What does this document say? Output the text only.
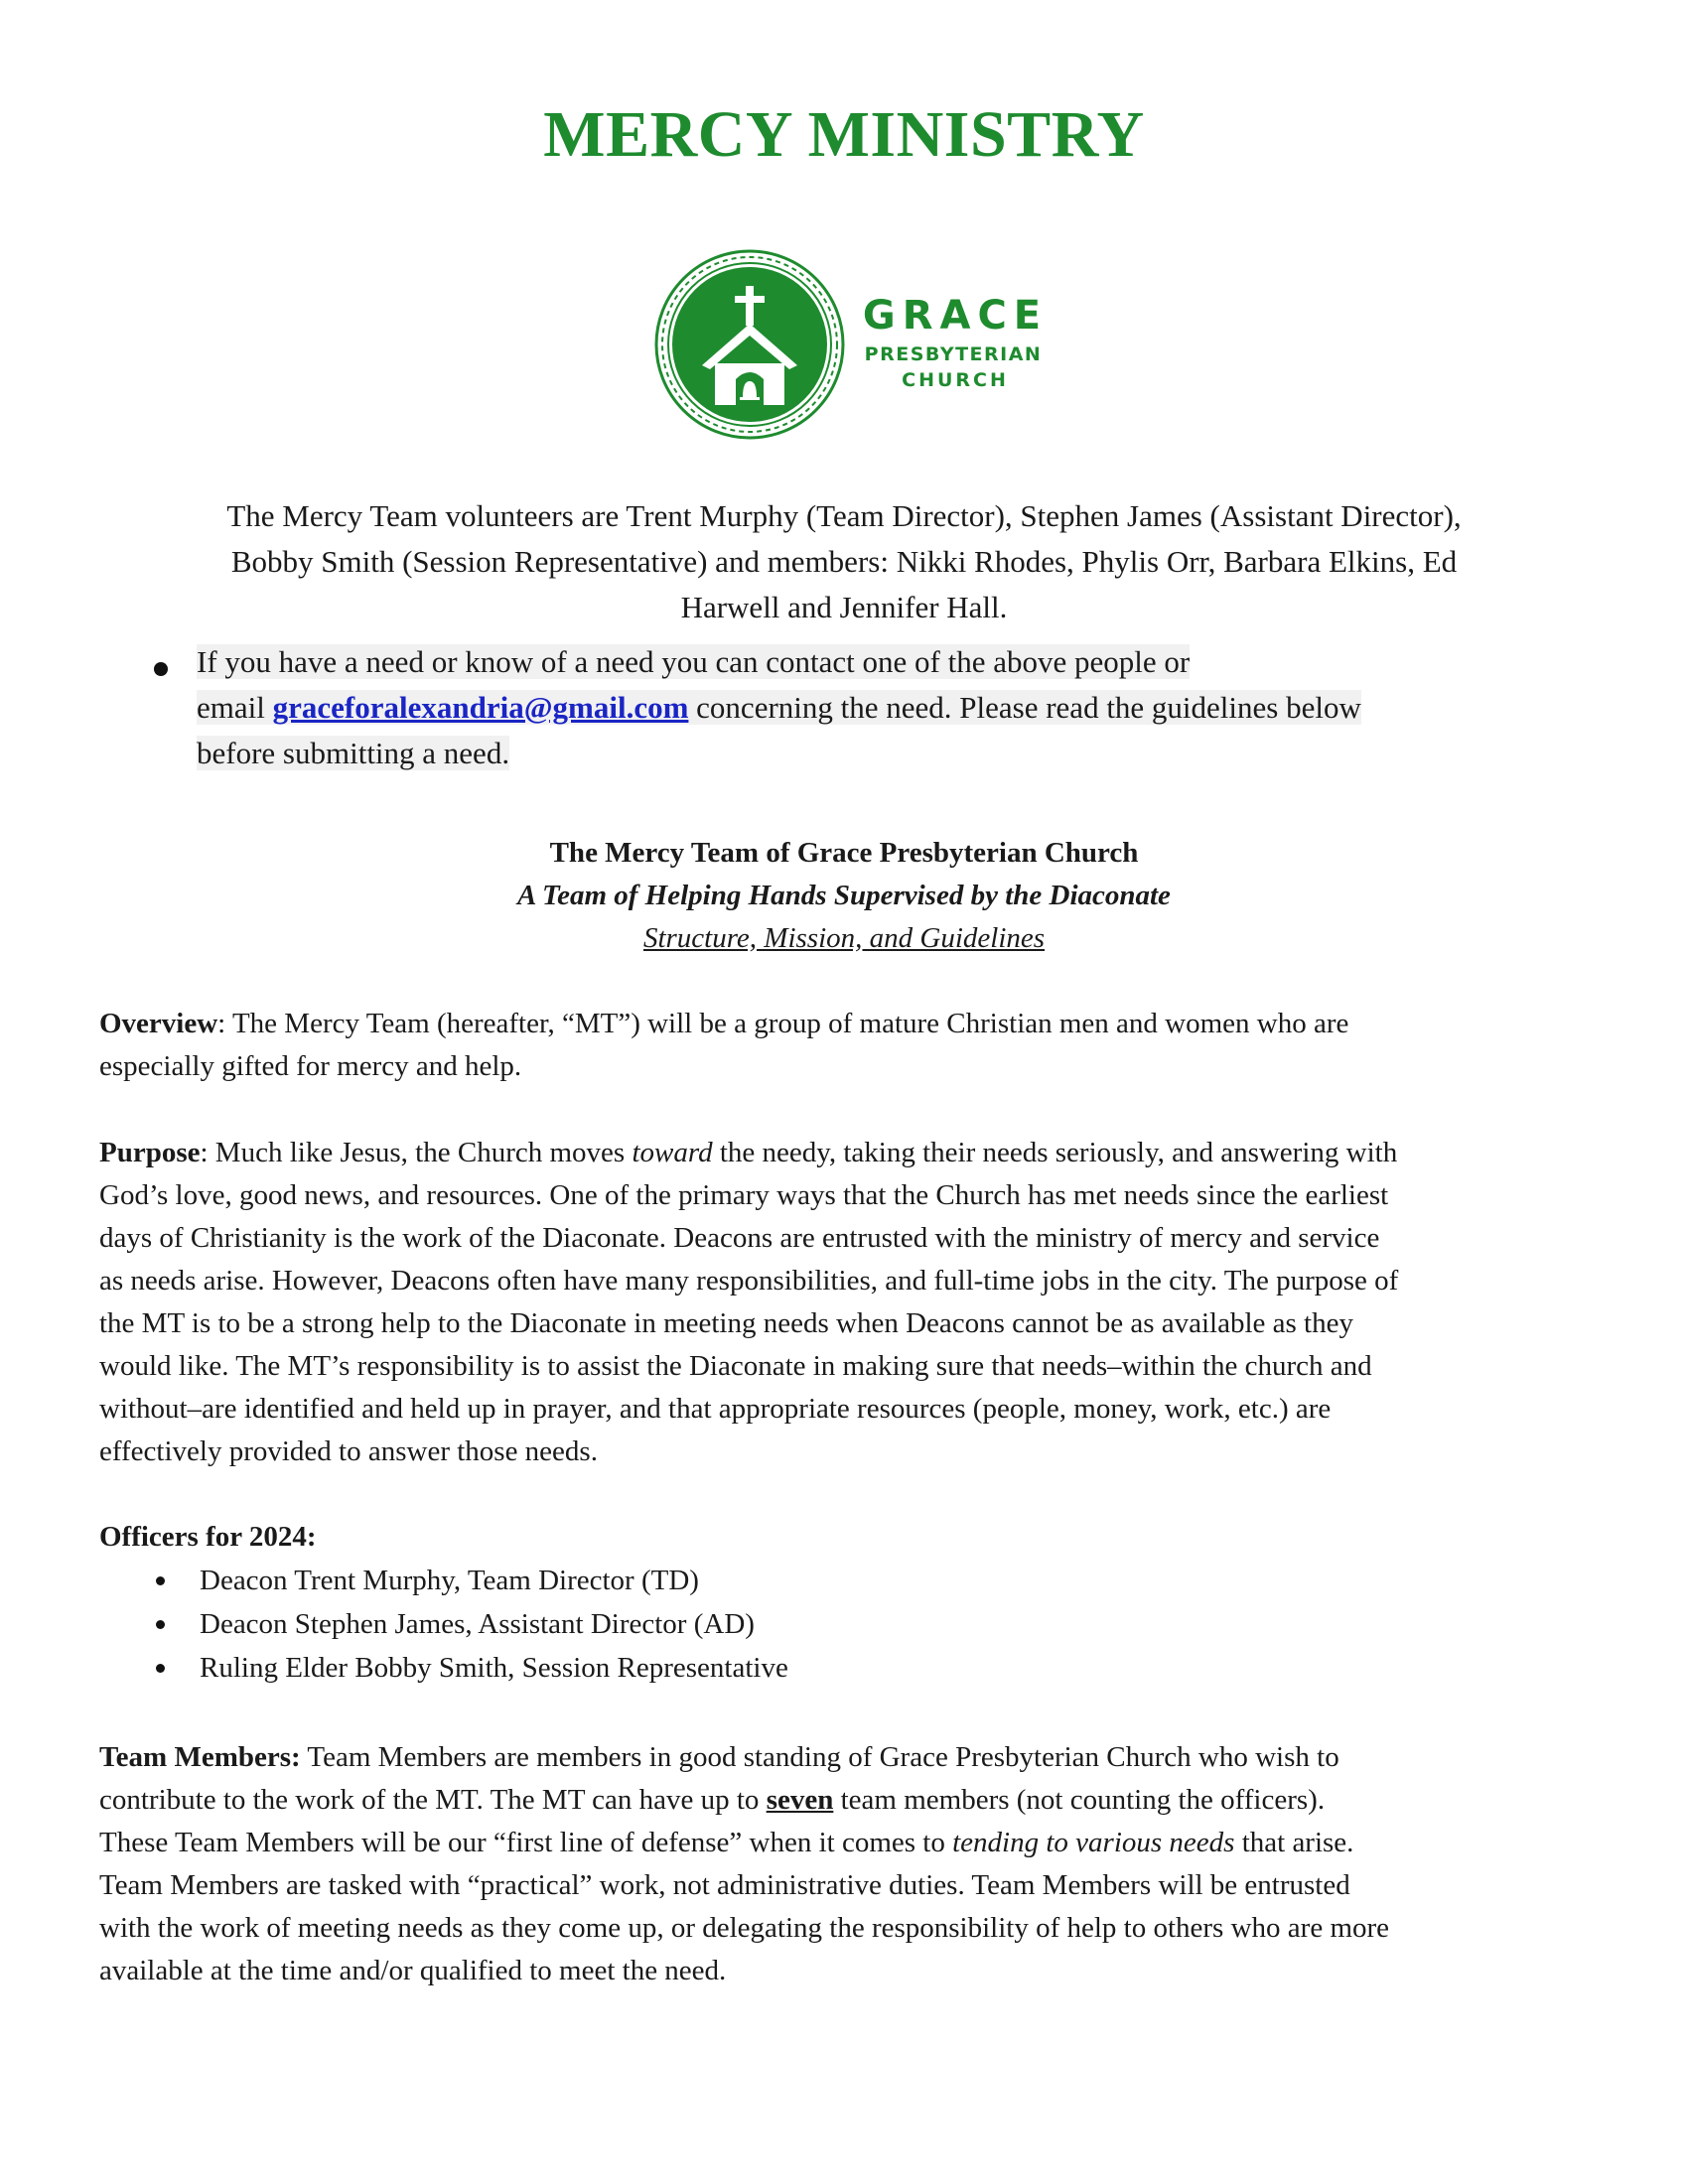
MERCY MINISTRY
GRACE
PRESBYTERIAN
CHURCH
The Mercy Team volunteers are Trent Murphy (Team Director), Stephen James (Assistant Director),
Bobby Smith (Session Representative) and members: Nikki Rhodes, Phylis Orr, Barbara Elkins, Ed
Harwell and Jennifer Hall.
If you have a need or know of a need you can contact one of the above people or
email graceforalexandria@gmail.com concerning the need. Please read the guidelines below
before submitting a need.
The Mercy Team of Grace Presbyterian Church
A Team of Helping Hands Supervised by the Diaconate
Structure, Mission, and Guidelines
Overview: The Mercy Team (hereafter, “MT”) will be a group of mature Christian men and women who are
especially gifted for mercy and help.
Purpose: Much like Jesus, the Church moves toward the needy, taking their needs seriously, and answering with
God’s love, good news, and resources. One of the primary ways that the Church has met needs since the earliest
days of Christianity is the work of the Diaconate. Deacons are entrusted with the ministry of mercy and service
as needs arise. However, Deacons often have many responsibilities, and full-time jobs in the city. The purpose of
the MT is to be a strong help to the Diaconate in meeting needs when Deacons cannot be as available as they
would like. The MT’s responsibility is to assist the Diaconate in making sure that needs–within the church and
without–are identified and held up in prayer, and that appropriate resources (people, money, work, etc.) are
effectively provided to answer those needs.
Officers for 2024:
Deacon Trent Murphy, Team Director (TD)
Deacon Stephen James, Assistant Director (AD)
Ruling Elder Bobby Smith, Session Representative
Team Members: Team Members are members in good standing of Grace Presbyterian Church who wish to
contribute to the work of the MT. The MT can have up to seven team members (not counting the officers).
These Team Members will be our “first line of defense” when it comes to tending to various needs that arise.
Team Members are tasked with “practical” work, not administrative duties. Team Members will be entrusted
with the work of meeting needs as they come up, or delegating the responsibility of help to others who are more
available at the time and/or qualified to meet the need.
